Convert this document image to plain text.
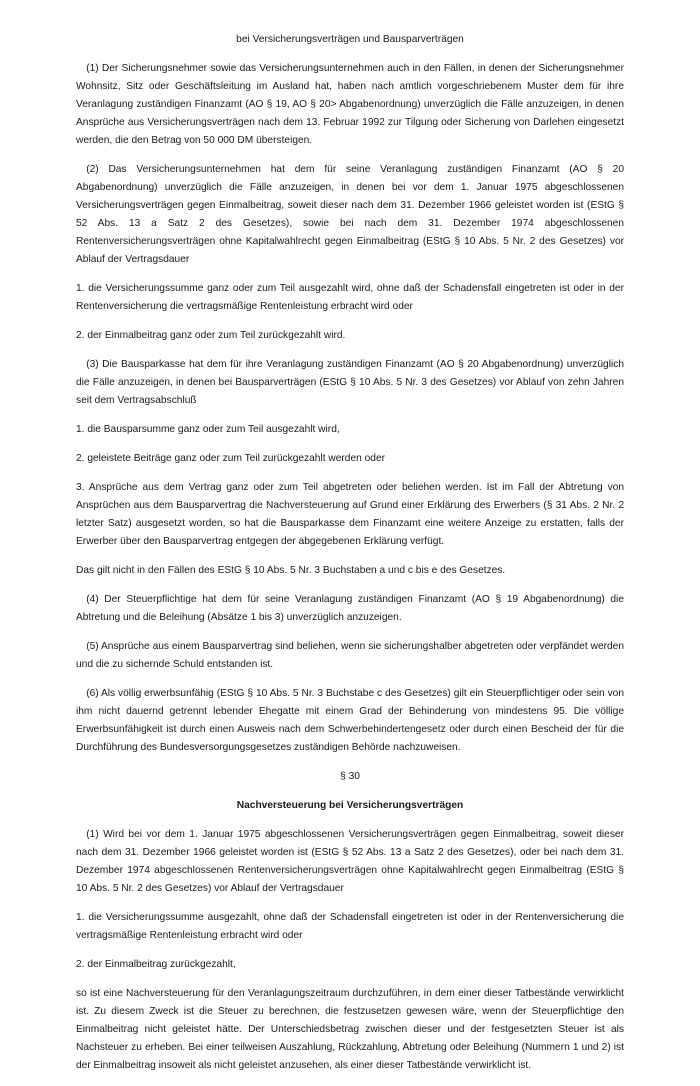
bei Versicherungsverträgen und Bausparverträgen

(1) Der Sicherungsnehmer sowie das Versicherungsunternehmen auch in den Fällen, in denen der Sicherungsnehmer Wohnsitz, Sitz oder Geschäftsleitung im Ausland hat, haben nach amtlich vorgeschriebenem Muster dem für ihre Veranlagung zuständigen Finanzamt (AO § 19, AO § 20> Abgabenordnung) unverzüglich die Fälle anzuzeigen, in denen Ansprüche aus Versicherungsverträgen nach dem 13. Februar 1992 zur Tilgung oder Sicherung von Darlehen eingesetzt werden, die den Betrag von 50 000 DM übersteigen.

(2) Das Versicherungsunternehmen hat dem für seine Veranlagung zuständigen Finanzamt (AO § 20 Abgabenordnung) unverzüglich die Fälle anzuzeigen, in denen bei vor dem 1. Januar 1975 abgeschlossenen Versicherungsverträgen gegen Einmalbeitrag, soweit dieser nach dem 31. Dezember 1966 geleistet worden ist (EStG § 52 Abs. 13 a Satz 2 des Gesetzes), sowie bei nach dem 31. Dezember 1974 abgeschlossenen Rentenversicherungsverträgen ohne Kapitalwahlrecht gegen Einmalbeitrag (EStG § 10 Abs. 5 Nr. 2 des Gesetzes) vor Ablauf der Vertragsdauer

1. die Versicherungssumme ganz oder zum Teil ausgezahlt wird, ohne daß der Schadensfall eingetreten ist oder in der Rentenversicherung die vertragsmäßige Rentenleistung erbracht wird oder

2. der Einmalbeitrag ganz oder zum Teil zurückgezahlt wird.

(3) Die Bausparkasse hat dem für ihre Veranlagung zuständigen Finanzamt (AO § 20 Abgabenordnung) unverzüglich die Fälle anzuzeigen, in denen bei Bausparverträgen (EStG § 10 Abs. 5 Nr. 3 des Gesetzes) vor Ablauf von zehn Jahren seit dem Vertragsabschluß

1. die Bausparsumme ganz oder zum Teil ausgezahlt wird,

2. geleistete Beiträge ganz oder zum Teil zurückgezahlt werden oder

3. Ansprüche aus dem Vertrag ganz oder zum Teil abgetreten oder beliehen werden. Ist im Fall der Abtretung von Ansprüchen aus dem Bausparvertrag die Nachversteuerung auf Grund einer Erklärung des Erwerbers (§ 31 Abs. 2 Nr. 2 letzter Satz) ausgesetzt worden, so hat die Bausparkasse dem Finanzamt eine weitere Anzeige zu erstatten, falls der Erwerber über den Bausparvertrag entgegen der abgegebenen Erklärung verfügt.

Das gilt nicht in den Fällen des EStG § 10 Abs. 5 Nr. 3 Buchstaben a und c bis e des Gesetzes.

(4) Der Steuerpflichtige hat dem für seine Veranlagung zuständigen Finanzamt (AO § 19 Abgabenordnung) die Abtretung und die Beleihung (Absätze 1 bis 3) unverzüglich anzuzeigen.

(5) Ansprüche aus einem Bausparvertrag sind beliehen, wenn sie sicherungshalber abgetreten oder verpfändet werden und die zu sichernde Schuld entstanden ist.

(6) Als völlig erwerbsunfähig (EStG § 10 Abs. 5 Nr. 3 Buchstabe c des Gesetzes) gilt ein Steuerpflichtiger oder sein von ihm nicht dauernd getrennt lebender Ehegatte mit einem Grad der Behinderung von mindestens 95. Die völlige Erwerbsunfähigkeit ist durch einen Ausweis nach dem Schwerbehindertengesetz oder durch einen Bescheid der für die Durchführung des Bundesversorgungsgesetzes zuständigen Behörde nachzuweisen.

§ 30

Nachversteuerung bei Versicherungsverträgen

(1) Wird bei vor dem 1. Januar 1975 abgeschlossenen Versicherungsverträgen gegen Einmalbeitrag, soweit dieser nach dem 31. Dezember 1966 geleistet worden ist (EStG § 52 Abs. 13 a Satz 2 des Gesetzes), oder bei nach dem 31. Dezember 1974 abgeschlossenen Rentenversicherungsverträgen ohne Kapitalwahlrecht gegen Einmalbeitrag (EStG § 10 Abs. 5 Nr. 2 des Gesetzes) vor Ablauf der Vertragsdauer

1. die Versicherungssumme ausgezahlt, ohne daß der Schadensfall eingetreten ist oder in der Rentenversicherung die vertragsmäßige Rentenleistung erbracht wird oder

2. der Einmalbeitrag zurückgezahlt,

so ist eine Nachversteuerung für den Veranlagungszeitraum durchzuführen, in dem einer dieser Tatbestände verwirklicht ist. Zu diesem Zweck ist die Steuer zu berechnen, die festzusetzen gewesen wäre, wenn der Steuerpflichtige den Einmalbeitrag nicht geleistet hätte. Der Unterschiedsbetrag zwischen dieser und der festgesetzten Steuer ist als Nachsteuer zu erheben. Bei einer teilweisen Auszahlung, Rückzahlung, Abtretung oder Beleihung (Nummern 1 und 2) ist der Einmalbeitrag insoweit als nicht geleistet anzusehen, als einer dieser Tatbestände verwirklicht ist.
